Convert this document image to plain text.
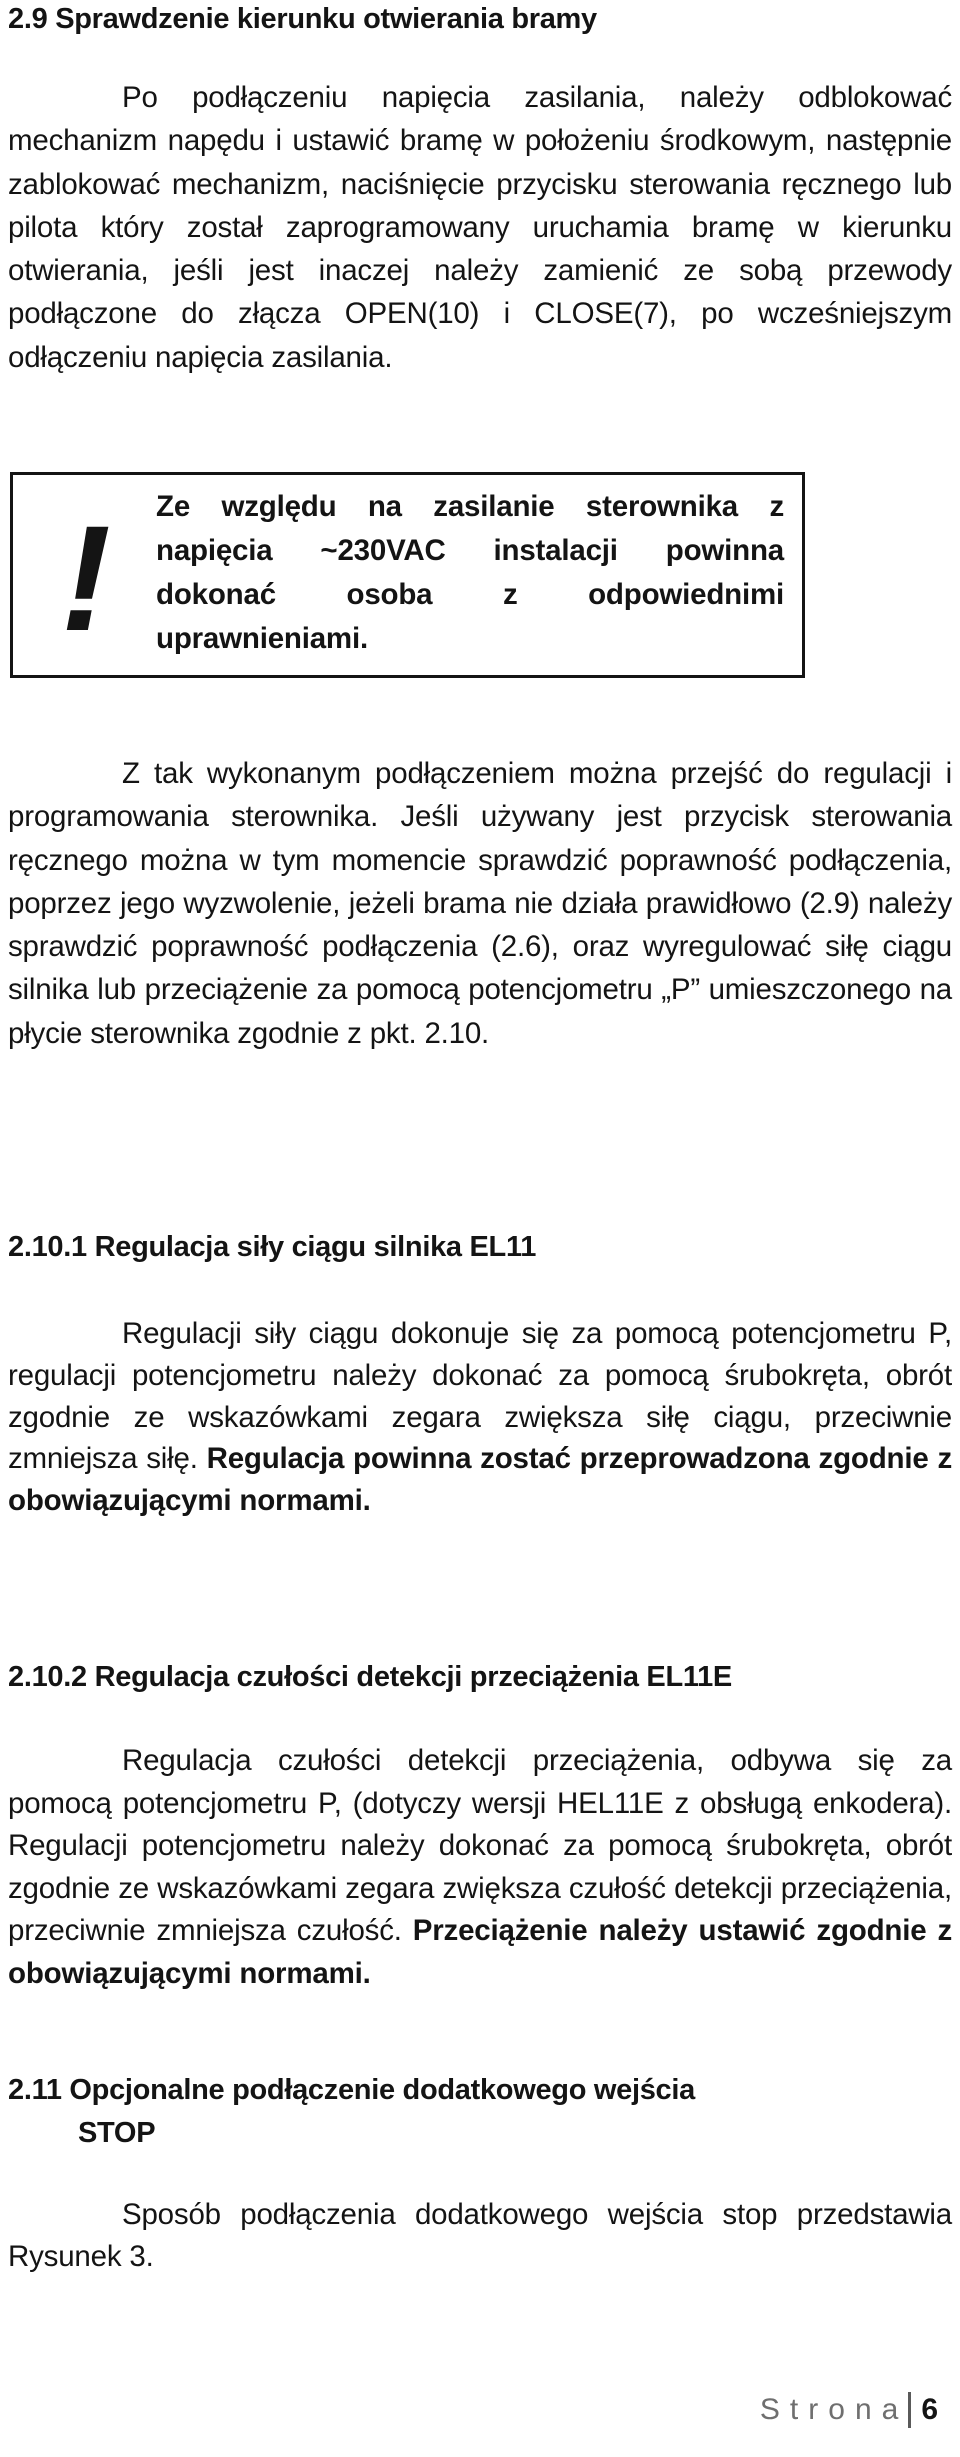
2.9 Sprawdzenie kierunku otwierania bramy

Po podłączeniu napięcia zasilania, należy odblokować mechanizm napędu i ustawić bramę w położeniu środkowym, następnie zablokować mechanizm, naciśnięcie przycisku sterowania ręcznego lub pilota który został zaprogramowany uruchamia bramę w kierunku otwierania, jeśli jest inaczej należy zamienić ze sobą przewody podłączone do złącza OPEN(10) i CLOSE(7), po wcześniejszym odłączeniu napięcia zasilania.

! Ze względu na zasilanie sterownika z napięcia ~230VAC instalacji powinna dokonać osoba z odpowiednimi uprawnieniami.

Z tak wykonanym podłączeniem można przejść do regulacji i programowania sterownika. Jeśli używany jest przycisk sterowania ręcznego można w tym momencie sprawdzić poprawność podłączenia, poprzez jego wyzwolenie, jeżeli brama nie działa prawidłowo (2.9) należy sprawdzić poprawność podłączenia (2.6), oraz wyregulować siłę ciągu silnika lub przeciążenie za pomocą potencjometru „P” umieszczonego na płycie sterownika zgodnie z pkt. 2.10.

2.10.1 Regulacja siły ciągu silnika EL11

Regulacji siły ciągu dokonuje się za pomocą potencjometru P, regulacji potencjometru należy dokonać za pomocą śrubokręta, obrót zgodnie ze wskazówkami zegara zwiększa siłę ciągu, przeciwnie zmniejsza siłę. Regulacja powinna zostać przeprowadzona zgodnie z obowiązującymi normami.

2.10.2 Regulacja czułości detekcji przeciążenia EL11E

Regulacja czułości detekcji przeciążenia, odbywa się za pomocą potencjometru P, (dotyczy wersji HEL11E z obsługą enkodera). Regulacji potencjometru należy dokonać za pomocą śrubokręta, obrót zgodnie ze wskazówkami zegara zwiększa czułość detekcji przeciążenia, przeciwnie zmniejsza czułość. Przeciążenie należy ustawić zgodnie z obowiązującymi normami.

2.11 Opcjonalne podłączenie dodatkowego wejścia
STOP

Sposób podłączenia dodatkowego wejścia stop przedstawia Rysunek 3.

Strona 6
